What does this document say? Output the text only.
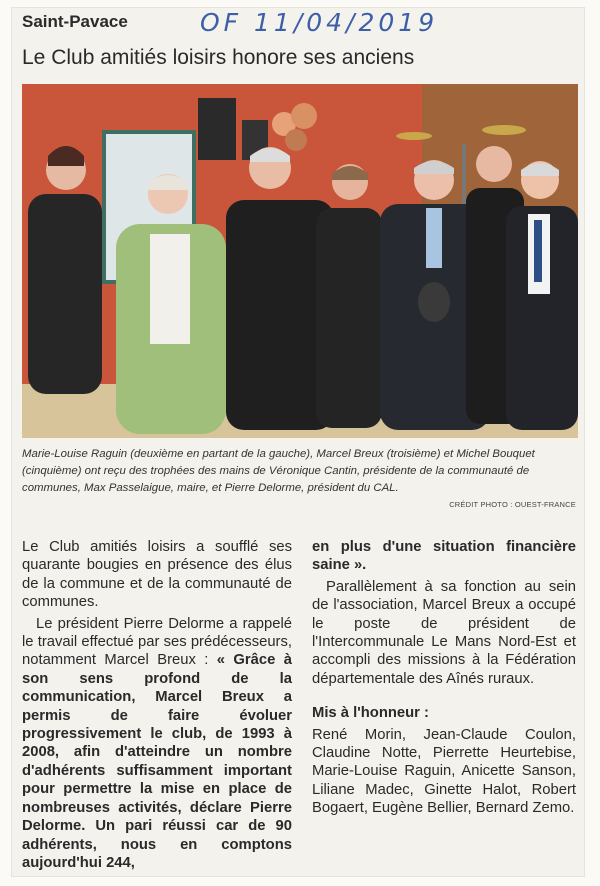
Saint-Pavace	OF 11/04/2019
Le Club amitiés loisirs honore ses anciens
Marie-Louise Raguin (deuxième en partant de la gauche), Marcel Breux (troisième) et Michel Bouquet (cinquième) ont reçu des trophées des mains de Véronique Cantin, présidente de la communauté de communes, Max Passelaigue, maire, et Pierre Delorme, président du CAL.
CRÉDIT PHOTO : OUEST-FRANCE

Le Club amitiés loisirs a soufflé ses quarante bougies en présence des élus de la commune et de la communauté de communes.

Le président Pierre Delorme a rappelé le travail effectué par ses prédécesseurs, notamment Marcel Breux : « Grâce à son sens profond de la communication, Marcel Breux a permis de faire évoluer progressivement le club, de 1993 à 2008, afin d'atteindre un nombre d'adhérents suffisamment important pour permettre la mise en place de nombreuses activités, déclare Pierre Delorme. Un pari réussi car de 90 adhérents, nous en comptons aujourd'hui 244,

en plus d'une situation financière saine ».

Parallèlement à sa fonction au sein de l'association, Marcel Breux a occupé le poste de président de l'Intercommunale Le Mans Nord-Est et accompli des missions à la Fédération départementale des Aînés ruraux.

Mis à l'honneur :

René Morin, Jean-Claude Coulon, Claudine Notte, Pierrette Heurtebise, Marie-Louise Raguin, Anicette Sanson, Liliane Madec, Ginette Halot, Robert Bogaert, Eugène Bellier, Bernard Zemo.
